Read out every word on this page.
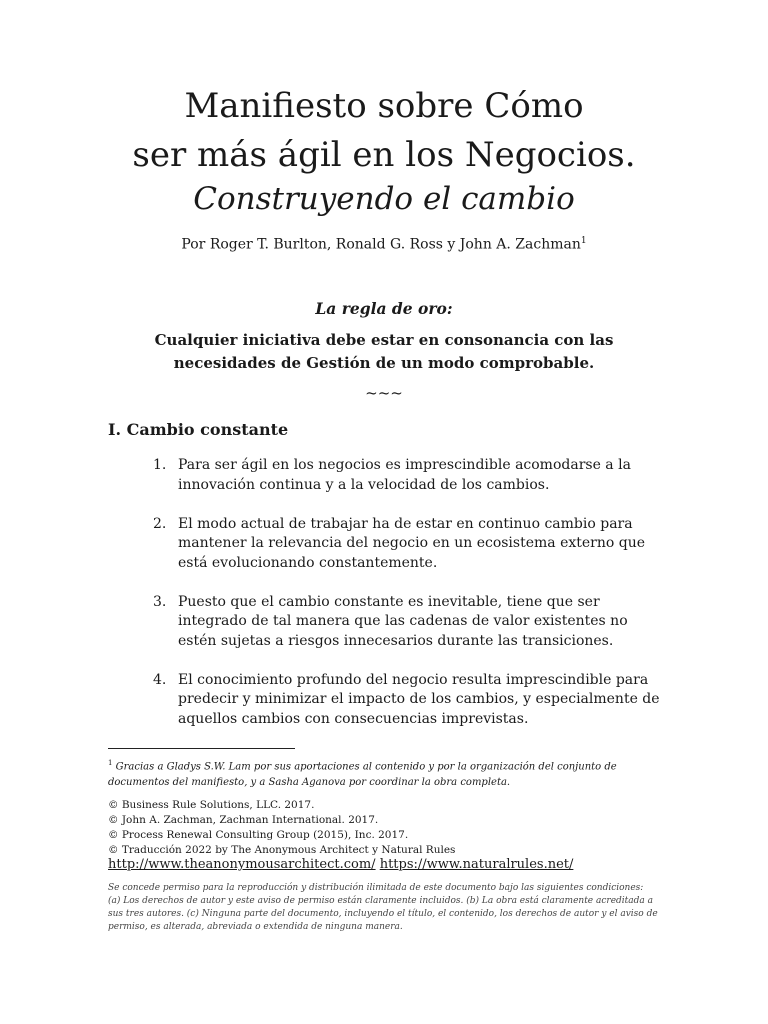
Manifiesto sobre Cómo
ser más ágil en los Negocios.
Construyendo el cambio
Por Roger T. Burlton, Ronald G. Ross y John A. Zachman$^1$
La regla de oro:
Cualquier iniciativa debe estar en consonancia con las necesidades de Gestión de un modo comprobable.
~~~
I. Cambio constante
1. Para ser ágil en los negocios es imprescindible acomodarse a la innovación continua y a la velocidad de los cambios.
2. El modo actual de trabajar ha de estar en continuo cambio para mantener la relevancia del negocio en un ecosistema externo que está evolucionando constantemente.
3. Puesto que el cambio constante es inevitable, tiene que ser integrado de tal manera que las cadenas de valor existentes no estén sujetas a riesgos innecesarios durante las transiciones.
4. El conocimiento profundo del negocio resulta imprescindible para predecir y minimizar el impacto de los cambios, y especialmente de aquellos cambios con consecuencias imprevistas.
$^1$ Gracias a Gladys S.W. Lam por sus aportaciones al contenido y por la organización del conjunto de documentos del manifiesto, y a Sasha Aganova por coordinar la obra completa.
© Business Rule Solutions, LLC. 2017.
© John A. Zachman, Zachman International. 2017.
© Process Renewal Consulting Group (2015), Inc. 2017.
© Traducción 2022 by The Anonymous Architect y Natural Rules
http://www.theanonymousarchitect.com/ https://www.naturalrules.net/
Se concede permiso para la reproducción y distribución ilimitada de este documento bajo las siguientes condiciones: (a) Los derechos de autor y este aviso de permiso están claramente incluidos. (b) La obra está claramente acreditada a sus tres autores. (c) Ninguna parte del documento, incluyendo el título, el contenido, los derechos de autor y el aviso de permiso, es alterada, abreviada o extendida de ninguna manera.
